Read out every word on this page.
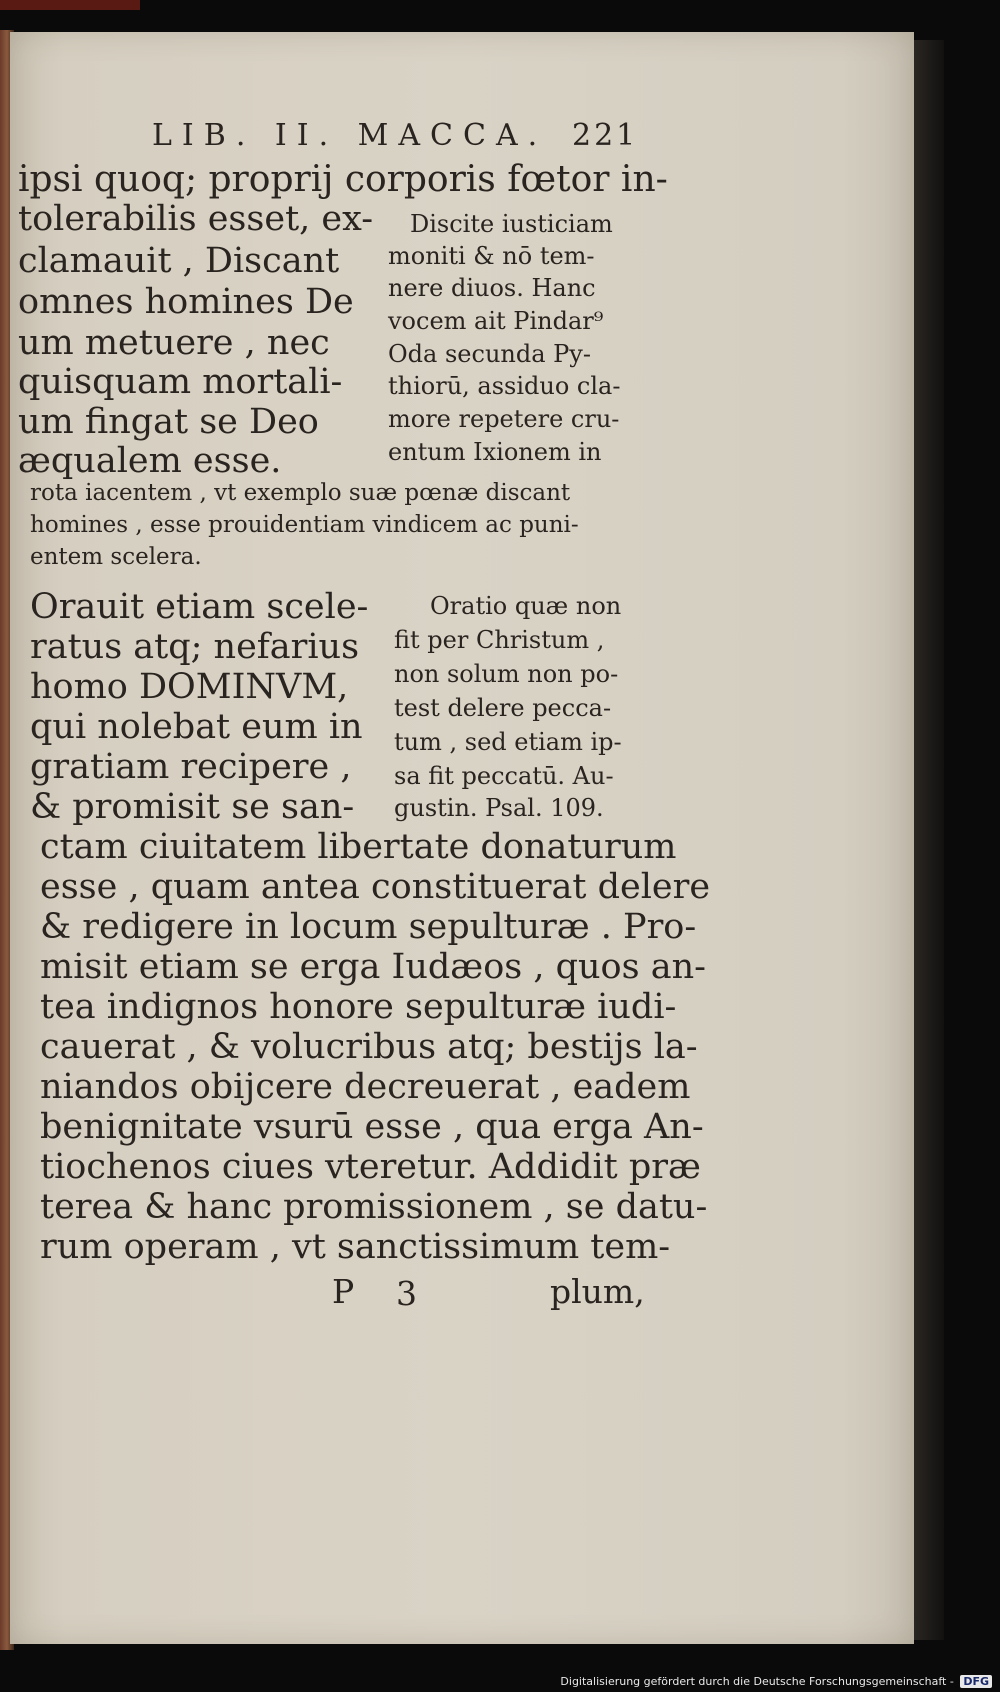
LIB. II. MACCA. 221
ipsi quoq; proprij corporis fœtor in-
tolerabilis esset, ex-
clamauit , Discant
omnes homines De
um metuere , nec
quisquam mortali-
um fingat se Deo
æqualem esse.
Discite iusticiam
moniti & nō tem-
nere diuos. Hanc
vocem ait Pindar⁹
Oda secunda Py-
thiorū, assiduo cla-
more repetere cru-
entum Ixionem in
rota iacentem , vt exemplo suæ pœnæ discant
homines , esse prouidentiam vindicem ac puni-
entem scelera.
Orauit etiam scele-
ratus atq; nefarius
homo DOMINVM,
qui nolebat eum in
gratiam recipere ,
& promisit se san-
Oratio quæ non
fit per Christum ,
non solum non po-
test delere pecca-
tum , sed etiam ip-
sa fit peccatū. Au-
gustin. Psal. 109.
ctam ciuitatem libertate donaturum
esse , quam antea constituerat delere
& redigere in locum sepulturæ . Pro-
misit etiam se erga Iudæos , quos an-
tea indignos honore sepulturæ iudi-
cauerat , & volucribus atq; bestijs la-
niandos obijcere decreuerat , eadem
benignitate vsurū esse , qua erga An-
tiochenos ciues vteretur. Addidit præ
terea & hanc promissionem , se datu-
rum operam , vt sanctissimum tem-
P 3	plum,
Digitalisierung gefördert durch die Deutsche Forschungsgemeinschaft - DFG
